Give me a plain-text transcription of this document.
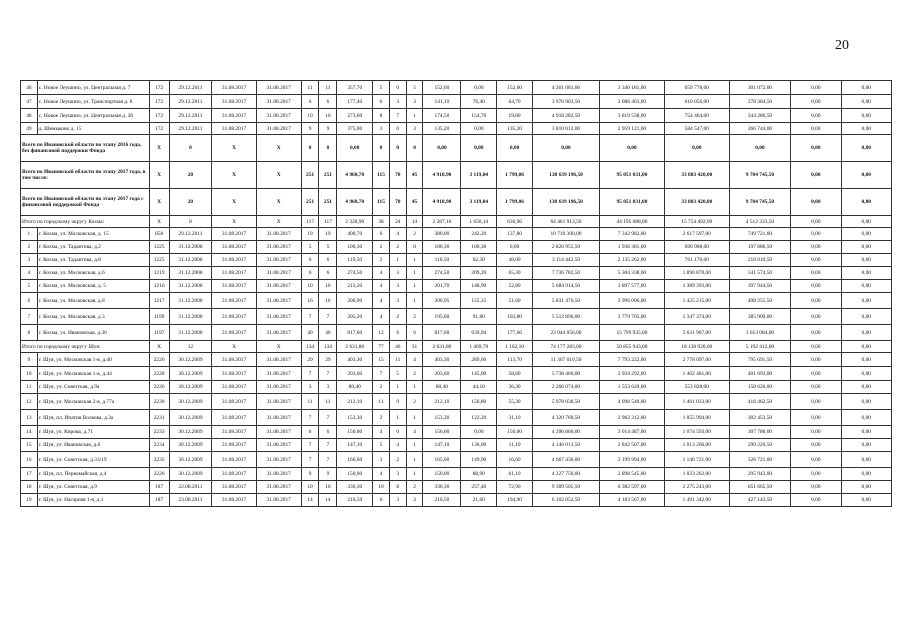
20
46	с. Новое Леушино, ул. Центральная д. 7	172	29.12.2011	31.08.2017	31.08.2017	11	11	357,70	5	0	5	152,60	0,00	152,60	4 301 081,06	3 340 181,00	659 778,00	301 072,00	0,00	0,00
47	с. Новое Леушино, ул. Транспортная д. 8	172	29.12.2011	31.08.2017	31.08.2017	6	6	177,40	6	3	3	141,10	76,40	64,70	3 976 903,50	3 088 463,00	610 056,00	278 384,50	0,00	0,00
48	с. Новое Леушино, ул. Центральная д. 28	172	29.12.2011	31.08.2017	31.08.2017	10	10	273,60	8	7	1	174,50	154,70	19,80	4 918 282,50	3 819 538,00	754 464,00	344 280,50	0,00	0,00
49	д. Шемыково д. 15	172	29.12.2011	31.08.2017	31.08.2017	9	9	375,00	3	0	3	135,20	0,00	135,20	3 810 612,00	2 959 121,00	584 547,00	266 744,00	0,00	0,00
Всего по Ивановской области по этапу 2016 года, без финансовой поддержки Фонда		X	0	X	X	0	0	0,00	0	0	0	0,00	0,00	0,00	0,00	0,00	0,00	0,00	0,00	0,00
Всего по Ивановской области по этапу 2017 года, в том числе:		X	20	X	X	251	251	4 960,70	115	70	45	4 918,90	3 119,84	1 799,06	138 639 196,50	95 051 031,00	33 883 420,00	9 704 745,50	0,00	0,00
Всего по Ивановской области по этапу 2017 года с финансовой поддержкой Фонда		X	20	X	X	251	251	4 960,70	115	70	45	4 918,90	3 119,84	1 799,06	138 639 196,50	95 051 031,00	33 883 420,00	9 704 745,50	0,00	0,00
Итого по городскому округу Кохма:		X	8	X	X	117	117	2 328,90	38	24	14	2 287,10	1 650,14	636,96	64 461 913,50	44 195 088,00	15 754 492,00	4 512 333,50	0,00	0,00
1	г. Кохма, ул. Московская, д. 15	858	29.12.2011	31.08.2017	31.08.2017	19	19	400,70	6	4	2	380,00	242,20	137,80	10 710 300,00	7 342 982,00	2 617 597,00	749 721,00	0,00	0,00
2	г. Кохма, ул. Тадантова, д.2	1225	31.12.2008	31.08.2017	31.08.2017	5	5	100,30	2	2	0	100,30	100,30	0,00	2 826 955,50	1 938 361,00	690 908,00	197 886,50	0,00	0,00
3	г. Кохма, ул. Тадантова, д.8	1225	31.12.2008	31.08.2017	31.08.2017	6	6	110,50	2	1	1	110,50	62,30	48,00	3 114 442,50	2 135 262,00	761 170,00	218 010,50	0,00	0,00
4	г. Кохма, ул. Московская, д.6	1219	31.12.2008	31.08.2017	31.08.2017	6	6	274,50	4	3	1	274,50	209,20	65,30	7 736 782,50	5 304 338,00	1 890 870,00	541 574,50	0,00	0,00
5	г. Кохма, ул. Московская, д. 5	1216	31.12.2008	31.08.2017	31.08.2017	10	10	213,20	4	3	1	201,70	148,90	52,80	5 684 914,50	3 897 577,00	1 389 393,00	397 944,50	0,00	0,00
6	г. Кохма, ул. Московская, д.8	1217	31.12.2008	31.08.2017	31.08.2017	16	16	206,90	4	3	1	206,95	155,35	51,60	5 831 476,50	3 996 006,00	1 425 215,00	408 255,50	0,00	0,00
7	г. Кохма, ул. Московская, д.3	1199	31.12.2008	31.08.2017	31.08.2017	7	7	205,20	4	2	2	195,60	91,80	103,80	5 512 896,00	3 779 705,00	1 347 374,00	385 909,00	0,00	0,00
8	г. Кохма, ул. Ивановская, д.36	1197	31.12.2008	31.08.2017	31.08.2017	40	40	817,60	12	6	6	817,60	639,94	177,66	23 044 056,00	15 799 935,00	5 631 967,00	1 613 084,00	0,00	0,00
Итого по городскому округу Шуя:		X	12	X	X	134	134	2 631,80	77	46	31	2 631,80	1 469,70	1 162,10	74 177 283,00	50 855 943,00	18 128 928,00	5 192 412,00	0,00	0,00
9	г. Шуя, ул. Московская 1-я, д.40	2226	30.12.2009	31.08.2017	31.08.2017	29	29	403,30	15	11	4	403,30	289,60	113,70	11 367 010,50	7 793 222,00	2 778 097,00	795 691,50	0,00	0,00
10	г. Шуя, ул. Московская 1-я, д.44	2228	30.12.2009	31.08.2017	31.08.2017	7	7	203,60	7	5	2	203,60	145,00	58,60	5 738 466,00	3 934 292,00	1 402 481,00	401 693,00	0,00	0,00
11	г. Шуя, ул. Советская, д.9а	2226	30.12.2009	31.08.2017	31.08.2017	3	3	80,40	2	1	1	80,40	44,10	36,30	2 266 074,00	1 553 620,00	553 828,00	158 626,00	0,00	0,00
12	г. Шуя, ул. Московская 2-я, д.77а	2230	30.12.2009	31.08.2017	31.08.2017	11	11	212,10	11	9	2	212,10	156,80	55,30	5 978 038,50	4 098 540,00	1 461 033,00	418 462,50	0,00	0,00
13	г. Шуя, пл. Ипатия Волкова, д.3а	2231	30.12.2009	31.08.2017	31.08.2017	7	7	153,30	2	1	1	153,30	122,20	31,10	4 320 760,50	2 962 312,00	1 055 994,00	302 453,50	0,00	0,00
14	г. Шуя, ул. Кирова, д.71	2233	30.12.2009	31.08.2017	31.08.2017	6	6	156,00	4	0	4	156,00	0,00	156,00	4 396 860,00	3 014 487,00	1 074 593,00	307 780,00	0,00	0,00
15	г. Шуя, ул. Ивановская, д.6	2234	30.12.2009	31.08.2017	31.08.2017	7	7	147,10	5	4	1	147,10	136,00	11,10	4 146 013,50	2 842 507,00	1 013 266,00	290 220,50	0,00	0,00
16	г. Шуя, ул. Советская, д.33/19	2235	30.12.2009	31.08.2017	31.08.2017	7	7	166,60	3	2	1	165,60	149,90	16,60	4 667 436,00	3 199 994,00	1 140 721,00	326 721,00	0,00	0,00
17	г. Шуя, пл. Первомайская, д.4	2226	30.12.2009	31.08.2017	31.08.2017	9	9	150,00	4	3	1	150,00	88,90	61,10	4 227 750,00	2 898 545,00	1 033 262,00	295 943,00	0,00	0,00
18	г. Шуя, ул. Советская, д.9	187	22.08.2011	31.08.2017	31.08.2017	10	10	330,30	10	8	2	330,30	257,40	72,90	9 309 505,50	6 382 597,00	2 275 243,00	651 665,50	0,00	0,00
19	г. Шуя, ул. Нагорная 1-я, д.1	187	23.08.2011	31.08.2017	31.08.2017	14	14	216,50	6	3	3	216,50	21,60	194,90	6 102 052,50	4 183 567,00	1 491 342,00	427 143,50	0,00	0,00
